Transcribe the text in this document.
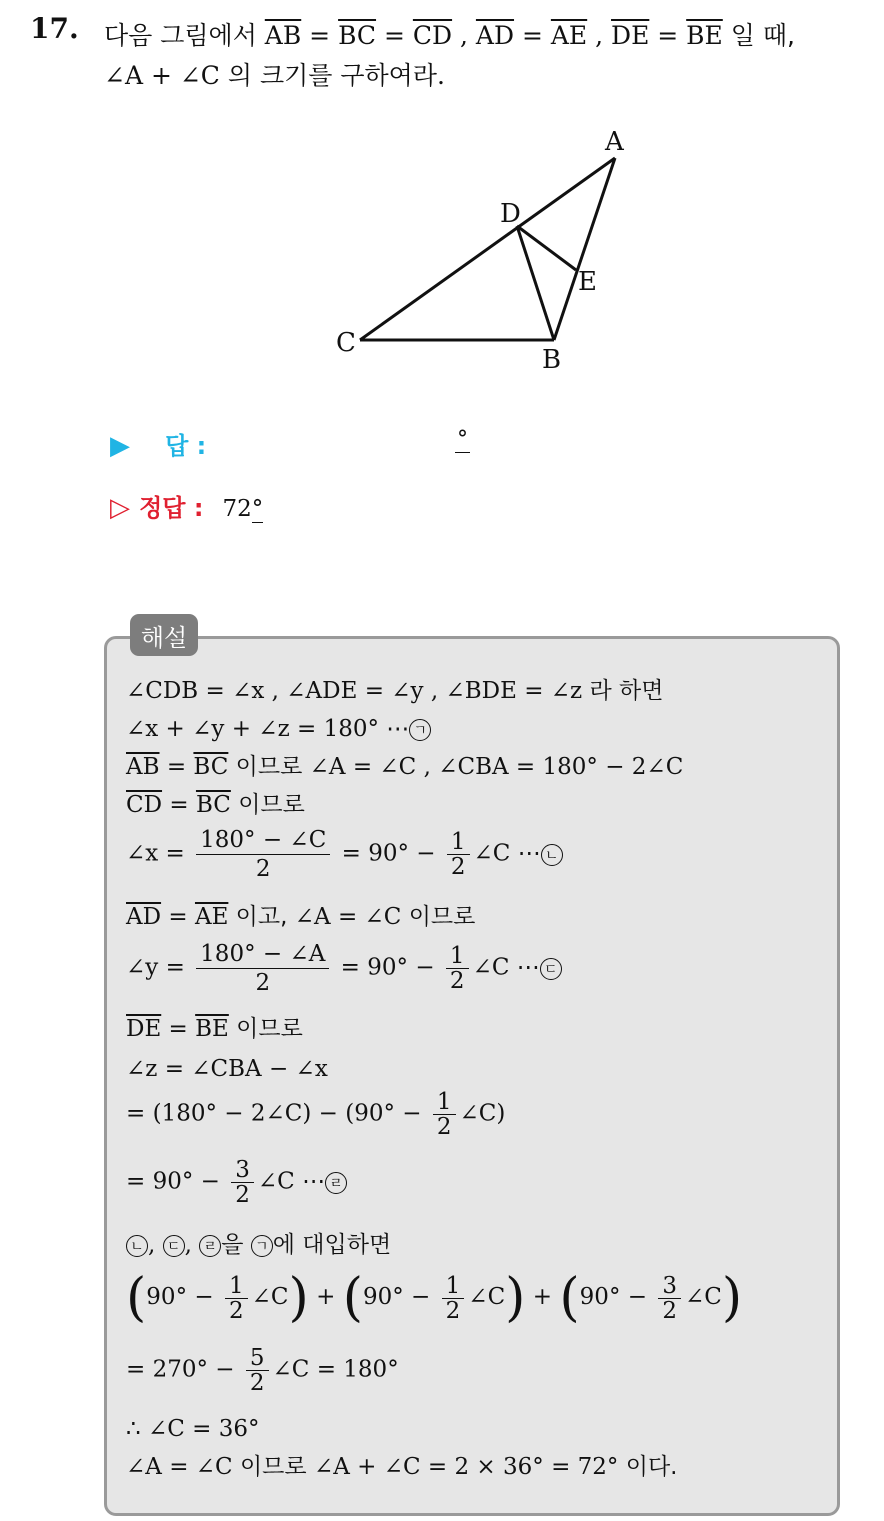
17. 다음 그림에서 $\overline{AB} = \overline{BC} = \overline{CD}$ , $\overline{AD} = \overline{AE}$ , $\overline{DE} = \overline{BE}$ 일 때,
∠A + ∠C 의 크기를 구하여라.
A
D
E
C
B
▶ 답 :	°
▷ 정답 : 72°
해설
∠CDB = ∠x , ∠ADE = ∠y , ∠BDE = ∠z 라 하면
∠x + ∠y + ∠z = 180° ⋯ ㄱ
$\overline{AB} = \overline{BC}$ 이므로 ∠A = ∠C , ∠CBA = 180° − 2∠C
$\overline{CD} = \overline{BC}$ 이므로
∠x = $\frac{180^\circ - \angle C}{2} = 90^\circ - \frac{1}{2}$ ∠C ⋯ ㄴ
$\overline{AD} = \overline{AE}$ 이고, ∠A = ∠C 이므로
∠y = $\frac{180^\circ - \angle A}{2} = 90^\circ - \frac{1}{2}$ ∠C ⋯ ㄷ
$\overline{DE} = \overline{BE}$ 이므로
∠z = ∠CBA − ∠x
= (180° − 2∠C) − ($90^\circ - \frac{1}{2}$ ∠C)
= $90^\circ - \frac{3}{2}$ ∠C ⋯ ㄹ
ㄴ , ㄷ , ㄹ 을 ㄱ 에 대입하면
($90^\circ - \frac{1}{2}$ ∠C) + ($90^\circ - \frac{1}{2}$ ∠C) + ($90^\circ - \frac{3}{2}$ ∠C)
= $270^\circ - \frac{5}{2}$ ∠C = 180°
∴ ∠C = 36°
∠A = ∠C 이므로 ∠A + ∠C = 2 × 36° = 72° 이다.
